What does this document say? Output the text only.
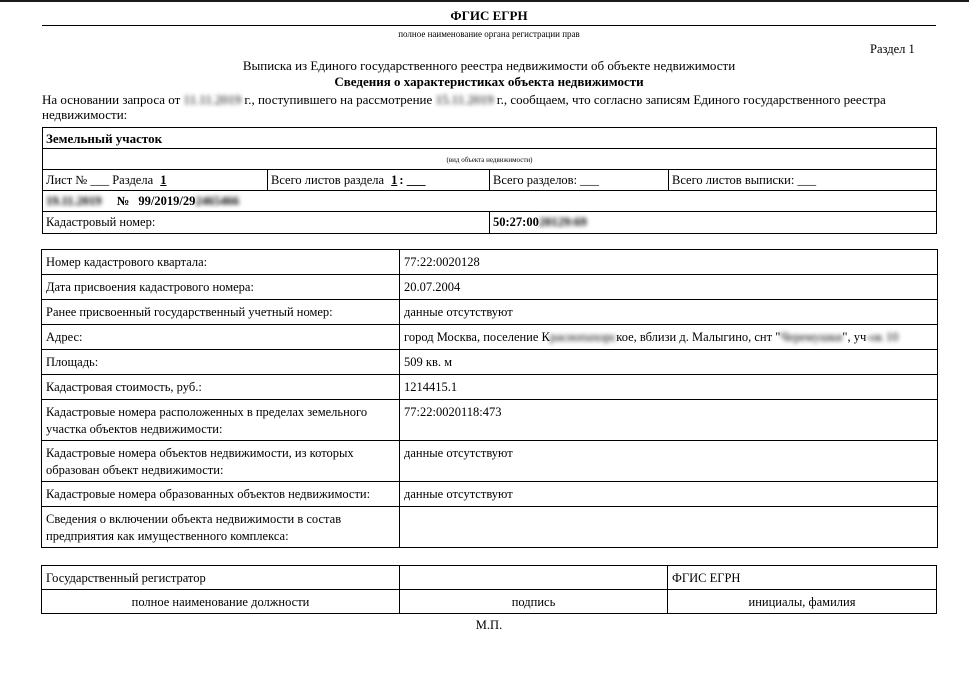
ФГИС ЕГРН
полное наименование органа регистрации прав
Раздел 1
Выписка из Единого государственного реестра недвижимости об объекте недвижимости
Сведения о характеристиках объекта недвижимости
На основании запроса от 11.11.2019 г., поступившего на рассмотрение 15.11.2019 г., сообщаем, что согласно записям Единого государственного реестра
недвижимости:
Земельный участок
(вид объекта недвижимости)
Лист № ___ Раздела 1	Всего листов раздела 1 : ___	Всего разделов: ___	Всего листов выписки: ___
19.11.2019 № 99/2019/292465466
Кадастровый номер:	50:27:0020129:69
Номер кадастрового квартала:	77:22:0020128
Дата присвоения кадастрового номера:	20.07.2004
Ранее присвоенный государственный учетный номер:	данные отсутствуют
Адрес:	город Москва, поселение Краснопахорское, вблизи д. Малыгино, снт "Черемушки", уч-ок 10
Площадь:	509 кв. м
Кадастровая стоимость, руб.:	1214415.1

Кадастровые номера расположенных в пределах земельного
участка объектов недвижимости:	77:22:0020118:473

Кадастровые номера объектов недвижимости, из которых
образован объект недвижимости:	данные отсутствуют
Кадастровые номера образованных объектов недвижимости:	данные отсутствуют

Сведения о включении объекта недвижимости в состав
предприятия как имущественного комплекса:	

Государственный регистратор		ФГИС ЕГРН
полное наименование должности	подпись	инициалы, фамилия
М.П.
